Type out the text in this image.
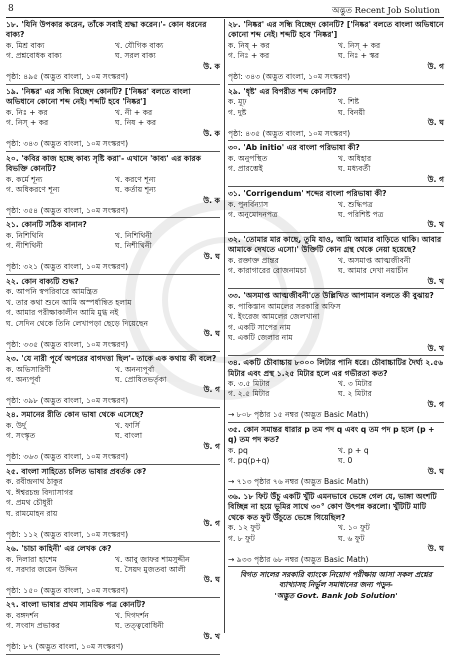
8	অদ্ভুত Recent Job Solution
১৮. 'যিনি উপকার করেন, তাঁকে সবাই শ্রদ্ধা করেন।'- কোন ধরনের বাক্য?
ক. মিশ্র বাক্য	খ. যৌগিক বাক্য
গ. প্রশ্নবোধক বাক্য	ঘ. সরল বাক্য
উ. ক
পৃষ্ঠা: ৪৯৫ (অদ্ভুত বাংলা, ১০ম সংস্করণ)
১৯. 'নিষ্কর' এর সন্ধি বিচ্ছেদ কোনটি? ['নিষ্কর' বলতে বাংলা অভিধানে কোনো শব্দ নেই। শব্দটি হবে 'নিষ্কর']
ক. নিঃ + কর	খ. নী + কর
গ. নিস্ + কর	ঘ. নিষ + কর
উ. ক
পৃষ্ঠা: ৩৪৩ (অদ্ভুত বাংলা, ১০ম সংস্করণ)
২০. 'কবির কাজ হচ্ছে কাব্য সৃষ্টি করা'- এখানে 'কাব্য' এর কারক বিভক্তি কোনটি?
ক. কর্মে শূন্য	খ. করণে শূন্য
গ. অধিকরণে শূন্য	ঘ. কর্তায় শূন্য
উ. ক
পৃষ্ঠা: ৩৫৪ (অদ্ভুত বাংলা, ১০ম সংস্করণ)
২১. কোনটি সঠিক বানান?
ক. নিশিথিনি	খ. নিশিথিনী
গ. নীশিথিনী	ঘ. নিশীথিনী
উ. ঘ
পৃষ্ঠা: ৩২১ (অদ্ভুত বাংলা, ১০ম সংস্করণ)
২২. কোন বাক্যটি শুদ্ধ?
ক. আপনি স্বপরিবারে আমন্ত্রিত
খ. তার কথা শুনে আমি অস্পর্ধান্বিত হলাম
গ. আমার পরীক্ষাকালীন আমি মুগ্ধ নই
ঘ. সেদিন থেকে তিনি লেখাপড়া ছেড়ে দিয়েছেন
উ. ঘ
পৃষ্ঠা: ৩৩৫ (অদ্ভুত বাংলা, ১০ম সংস্করণ)
২৩. 'যে নারী পূর্বে অপরের বাগদত্তা ছিল'- তাকে এক কথায় কী বলে?
ক. অভিসারিণী	খ. অনন্যপূর্বা
গ. অন্যপূর্বা	ঘ. প্রোষিতভর্তৃকা
উ. গ
পৃষ্ঠা: ৩৯৮ (অদ্ভুত বাংলা, ১০ম সংস্করণ)
২৪. সমানের রীতি কোন ভাষা থেকে এসেছে?
ক. উর্দু	খ. ফার্সি
গ. সংস্কৃত	ঘ. বাংলা
উ. গ
পৃষ্ঠা: ৩৬৩ (অদ্ভুত বাংলা, ১০ম সংস্করণ)
২৫. বাংলা সাহিত্যে চলিত ভাষার প্রবর্তক কে?
ক. রবীন্দ্রনাথ ঠাকুর
খ. ঈশ্বরচন্দ্র বিদ্যাসাগর
গ. প্রমথ চৌধুরী
ঘ. রামমোহন রায়
উ. গ
পৃষ্ঠা: ১১২ (অদ্ভুত বাংলা, ১০ম সংস্করণ)
২৬. 'চাচা কাহিনী' এর লেখক কে?
ক. দিলারা হাশেম	খ. আবু জাফর শামসুদ্দীন
গ. সরদার জয়েন উদ্দিন	ঘ. সৈয়দ মুজতবা আলী
উ. ঘ
পৃষ্ঠা: ১৫০ (অদ্ভুত বাংলা, ১০ম সংস্করণ)
২৭. বাংলা ভাষার প্রথম সাময়িক পত্র কোনটি?
ক. বঙ্গদর্শন	খ. দিগদর্শন
গ. সংবাদ প্রভাকর	ঘ. তত্ত্ববোধিনী
উ. খ
পৃষ্ঠা: ৮৭ (অদ্ভুত বাংলা, ১০ম সংস্করণ)
২৮. 'নিষ্কর' এর সন্ধি বিচ্ছেদ কোনটি? ['নিষ্কর' বলতে বাংলা অভিধানে কোনো শব্দ নেই। শব্দটি হবে 'নিষ্কর']
ক. নিষ্ + কর	খ. নিস্ + কর
গ. নিঃ + কর	ঘ. নিঃ + স্কর
উ. গ
পৃষ্ঠা: ৩৪৩ (অদ্ভুত বাংলা, ১০ম সংস্করণ)
২৯. 'ধৃষ্ট' এর বিপরীত শব্দ কোনটি?
ক. মূঢ়	খ. শিষ্ট
গ. দুষ্ট	ঘ. বিনয়ী
উ. ঘ
পৃষ্ঠা: ৪৩৫ (অদ্ভুত বাংলা, ১০ম সংস্করণ)
৩০. 'Ab initio' এর বাংলা পরিভাষা কী?
ক. অনুপস্থিত	খ. অধিহার
গ. প্রারম্ভেই	ঘ. মধ্যবর্তী
উ. গ
৩১. 'Corrigendum' শব্দের বাংলা পরিভাষা কী?
ক. পুনর্বিন্যাস	খ. শুদ্ধিপত্র
গ. অনুমোদনপত্র	ঘ. পরিশিষ্ট পত্র
উ. খ
৩২. 'তোমার মার কাছে, তুমি যাও, আমি আমার বাড়িতে থাকি। আবার আমাকে দেখতে এসো।' উক্তিটি কোন গ্রন্থ থেকে নেয়া হয়েছে?
ক. রক্তাক্ত প্রান্তর	খ. অসমাপ্ত আত্মজীবনী
গ. কারাগারের রোজনামচা	ঘ. আমার দেখা নয়াচীন
উ. খ
৩৩. 'অসমাপ্ত আত্মজীবনী'তে উল্লিখিত আপামান বলতে কী বুঝায়?
ক. পাকিস্তান আমলের সরকারি অফিস
খ. ইংরেজ আমলের জেলখানা
গ. একটি সাপের নাম
ঘ. একটি জেলার নাম
উ. খ
৩৪. একটি চৌবাচ্চায় ৮০০০ লিটার পানি ধরে। চৌবাচ্চাটির দৈর্ঘ্য ২.৫৬ মিটার এবং প্রস্থ ১.২৫ মিটার হলে এর গভীরতা কত?
ক. ৩.৫ মিটার	খ. ৩ মিটার
গ. ২.৫ মিটার	ঘ. ২ মিটার
উ. গ
→ ৮০৮ পৃষ্ঠার ১৫ নম্বর (অদ্ভুত Basic Math)
৩৫. কোন সমান্তর ধারার p তম পদ q এবং q তম পদ p হলে (p + q) তম পদ কত?
ক. pq	খ. p + q
গ. pq(p+q)	ঘ. 0
উ. ঘ
→ ৭১৩ পৃষ্ঠার ৭৬ নম্বর (অদ্ভুত Basic Math)
৩৬. ১৮ ফিট উঁচু একটি খুঁটি এমনভাবে ভেঙ্গে গেল যে, ভাঙ্গা অংশটি বিচ্ছিন্ন না হয়ে ভূমির সাথে ৩০° কোণ উৎপন্ন করলো। খুঁটিটি মাটি থেকে কত ফুট উঁচুতে ভেঙ্গে গিয়েছিল?
ক. ১২ ফুট	খ. ১০ ফুট
গ. ৮ ফুট	ঘ. ৬ ফুট
উ. ঘ
→ ৯৩৩ পৃষ্ঠার ৬৮ নম্বর (অদ্ভুত Basic Math)
বিগত সালের সরকারি ব্যাংকে নিয়োগ পরীক্ষায় আসা সকল প্রশ্নের ব্যাখ্যাসহ নির্ভুল সমাধানের জন্য পড়ুন-
'অদ্ভুত Govt. Bank Job Solution'
